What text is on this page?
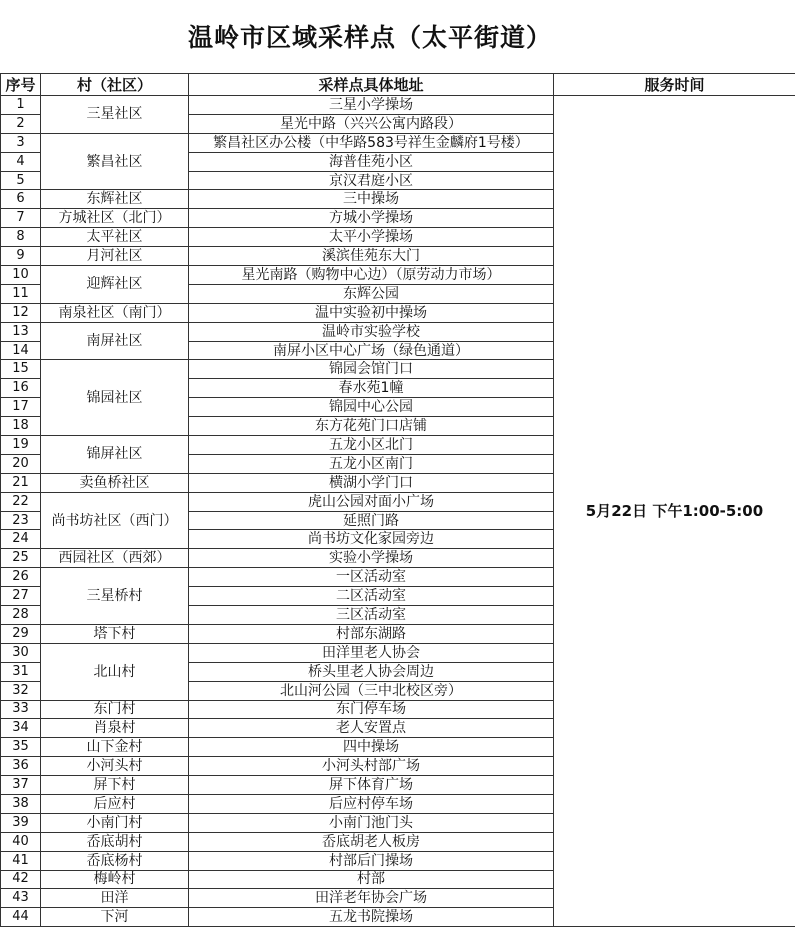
温岭市区域采样点（太平街道）
序号	村（社区）	采样点具体地址	服务时间
1	三星社区	三星小学操场	5月22日 下午1:00-5:00
2		星光中路（兴兴公寓内路段）	
3	繁昌社区	繁昌社区办公楼（中华路583号祥生金麟府1号楼）	
4		海普佳苑小区	
5		京汉君庭小区	
6	东辉社区	三中操场	
7	方城社区（北门）	方城小学操场	
8	太平社区	太平小学操场	
9	月河社区	溪滨佳苑东大门	
10	迎辉社区	星光南路（购物中心边）（原劳动力市场）	
11		东辉公园	
12	南泉社区（南门）	温中实验初中操场	
13	南屏社区	温岭市实验学校	
14		南屏小区中心广场（绿色通道）	
15	锦园社区	锦园会馆门口	
16		春水苑1幢	
17		锦园中心公园	
18		东方花苑门口店铺	
19	锦屏社区	五龙小区北门	
20		五龙小区南门	
21	卖鱼桥社区	横湖小学门口	
22	尚书坊社区（西门）	虎山公园对面小广场	
23		延照门路	
24		尚书坊文化家园旁边	
25	西园社区（西郊）	实验小学操场	
26	三星桥村	一区活动室	
27		二区活动室	
28		三区活动室	
29	塔下村	村部东湖路	
30	北山村	田洋里老人协会	
31		桥头里老人协会周边	
32		北山河公园（三中北校区旁）	
33	东门村	东门停车场	
34	肖泉村	老人安置点	
35	山下金村	四中操场	
36	小河头村	小河头村部广场	
37	屏下村	屏下体育广场	
38	后应村	后应村停车场	
39	小南门村	小南门池门头	
40	岙底胡村	岙底胡老人板房	
41	岙底杨村	村部后门操场	
42	梅岭村	村部	
43	田洋	田洋老年协会广场	
44	下河	五龙书院操场	
